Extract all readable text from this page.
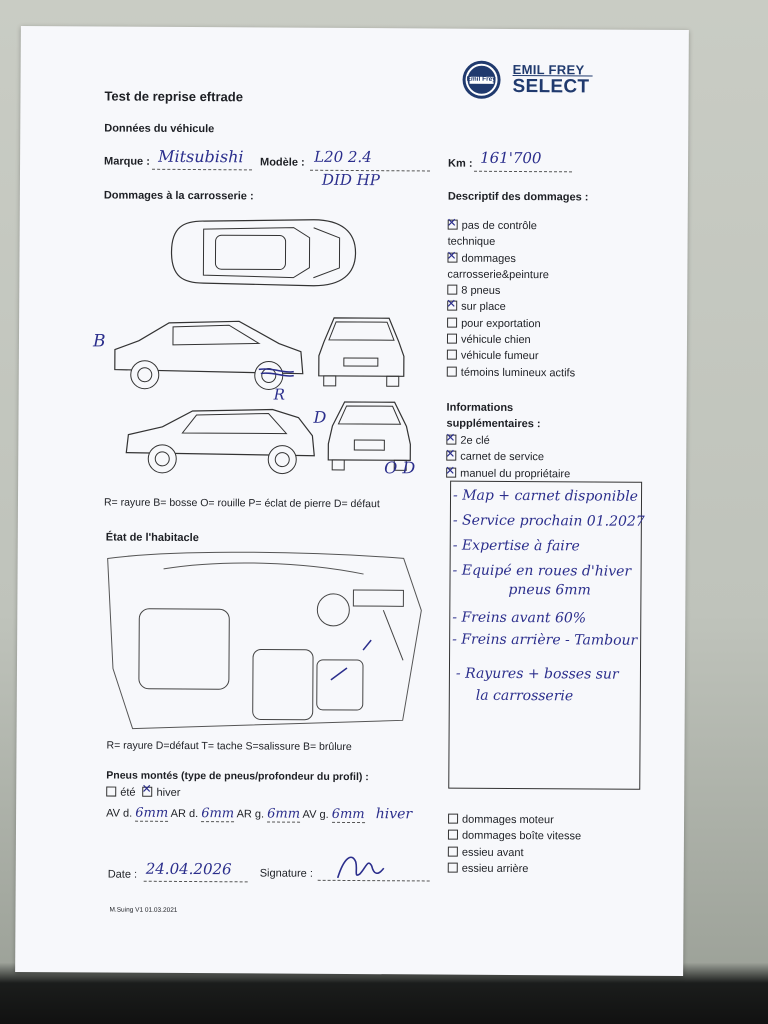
Emil Frey
EMIL FREY
SELECT
Test de reprise eftrade
Données du véhicule
Marque : Mitsubishi Modèle : L20 2.4
DID HP
Km : 161'700
Dommages à la carrosserie :
B
R
D
O D
R= rayure B= bosse O= rouille P= éclat de pierre D= défaut
Descriptif des dommages :
✕pas de contrôle
technique
✕dommages
carrosserie&peinture
8 pneus
✕sur place
pour exportation
véhicule chien
véhicule fumeur
témoins lumineux actifs
Informations
supplémentaires :
✕2e clé
✕carnet de service
✕manuel du propriétaire
- Map + carnet disponible
- Service prochain 01.2027
- Expertise à faire
- Equipé en roues d'hiver
pneus 6mm
- Freins avant 60%
- Freins arrière - Tambour
- Rayures + bosses sur
la carrosserie
État de l'habitacle
R= rayure D=défaut T= tache S=salissure B= brûlure
Pneus montés (type de pneus/profondeur du profil) :
été ✕ hiver
AV d. 6mm AR d. 6mm AR g. 6mm AV g. 6mm hiver	dommages moteur
dommages boîte vitesse
essieu avant
essieu arrière
Date : 24.04.2026	Signature :
M.Suing V1 01.03.2021
